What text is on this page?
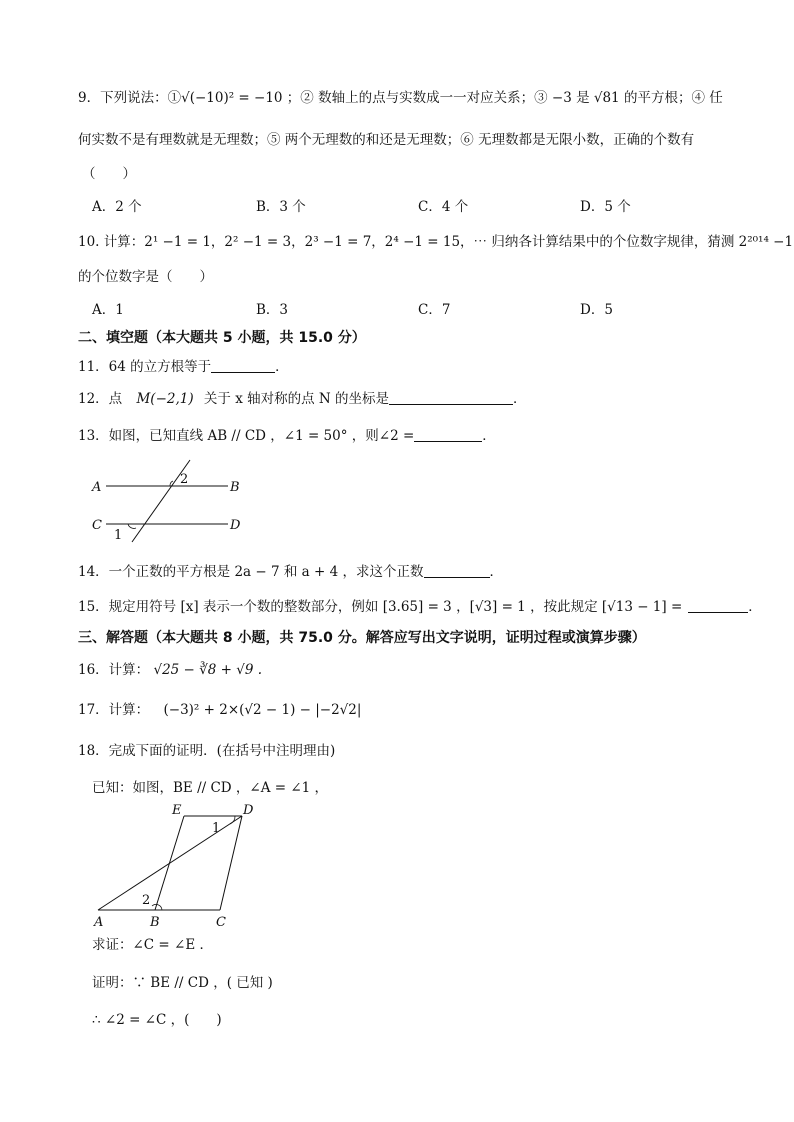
9．下列说法：①√(−10)² = −10 ；② 数轴上的点与实数成一一对应关系；③ −3 是 √81 的平方根；④ 任
何实数不是有理数就是无理数；⑤ 两个无理数的和还是无理数；⑥ 无理数都是无限小数，正确的个数有
（　　）
A．2 个	B．3 个	C．4 个	D．5 个
10. 计算：2¹ −1 = 1，2² −1 = 3，2³ −1 = 7，2⁴ −1 = 15，⋯ 归纳各计算结果中的个位数字规律，猜测 2²⁰¹⁴ −1
的个位数字是（　　）
A．1	B．3	C．7	D．5
二、填空题（本大题共 5 小题，共 15.0 分）
11．64 的立方根等于	．
12．点 M(−2,1) 关于 x 轴对称的点 N 的坐标是	．
13．如图，已知直线 AB // CD ，∠1 = 50° ，则∠2 =	．
A	B
C	D
1
2
14．一个正数的平方根是 2a − 7 和 a + 4 ，求这个正数	．
15．规定用符号 [x] 表示一个数的整数部分，例如 [3.65] = 3 ，[√3] = 1 ，按此规定 [√13 − 1] =	．
三、解答题（本大题共 8 小题，共 75.0 分。解答应写出文字说明，证明过程或演算步骤）
16．计算： √25 − ∛8 + √9 .
17．计算： (−3)² + 2×(√2 − 1) − |−2√2|
18．完成下面的证明．(在括号中注明理由)
已知：如图，BE // CD ，∠A = ∠1 ，
E	D
1
2
A	B	C
求证：∠C = ∠E ．
证明：∵ BE // CD ，( 已知 )
∴ ∠2 = ∠C ，(　　)
